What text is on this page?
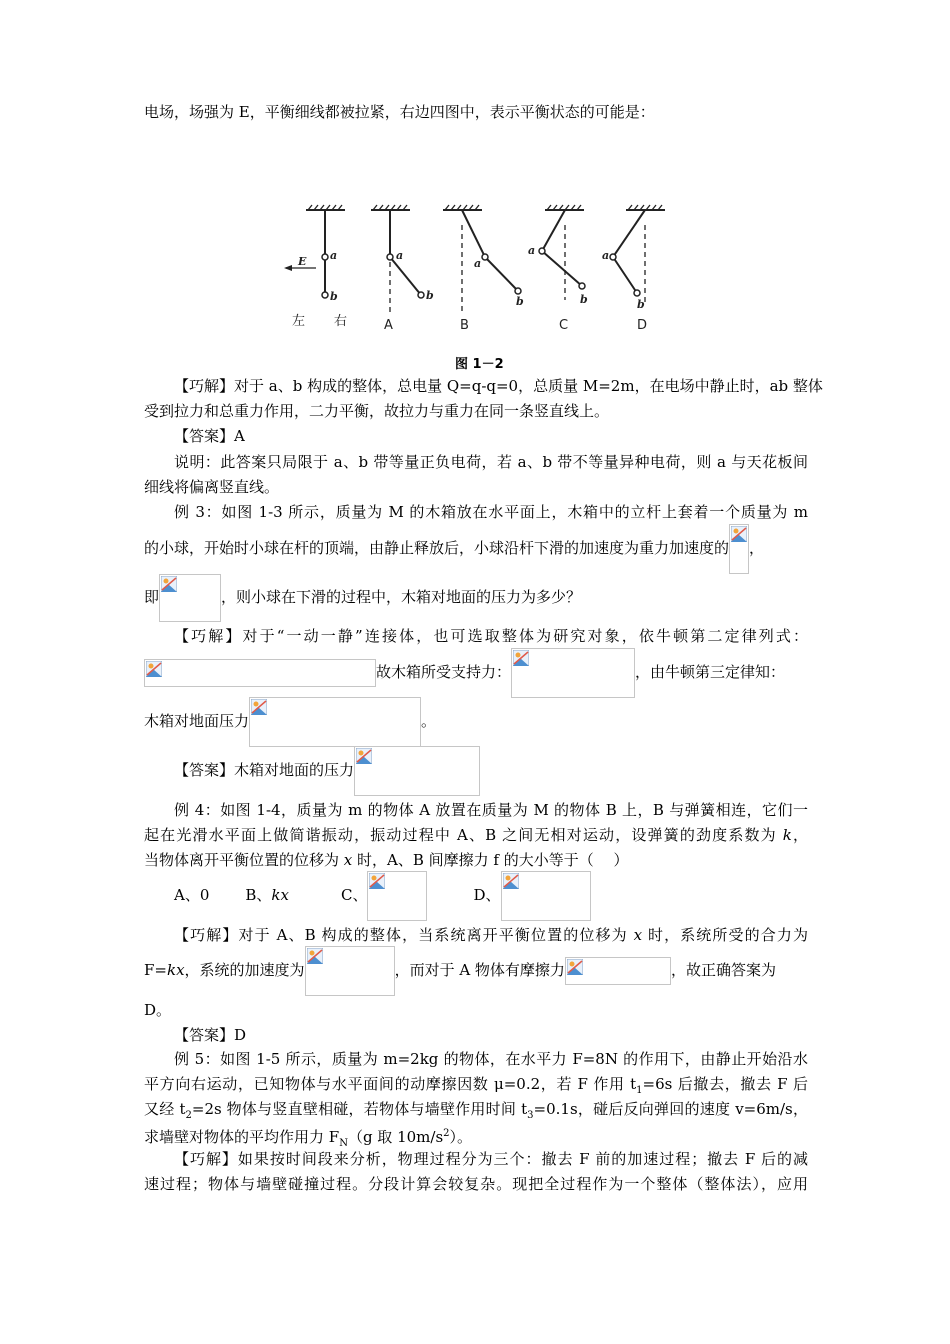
电场，场强为 E，平衡细线都被拉紧，右边四图中，表示平衡状态的可能是：
E a
b
a
b
a
b
a
b
a
b
左 右	A	B	C	D
图 1－2
【巧解】对于 a、b 构成的整体，总电量 Q=q-q=0，总质量 M=2m，在电场中静止时，ab 整体
受到拉力和总重力作用，二力平衡，故拉力与重力在同一条竖直线上。
【答案】A
说明：此答案只局限于 a、b 带等量正负电荷，若 a、b 带不等量异种电荷，则 a 与天花板间
细线将偏离竖直线。
例 3：如图 1-3 所示，质量为 M 的木箱放在水平面上，木箱中的立杆上套着一个质量为 m
的小球，开始时小球在杆的顶端，由静止释放后，小球沿杆下滑的加速度为重力加速度的 ，
即	，则小球在下滑的过程中，木箱对地面的压力为多少？
【巧解】对于“一动一静”连接体，也可选取整体为研究对象，依牛顿第二定律列式：
故木箱所受支持力：	，由牛顿第三定律知：
木箱对地面压力	。
【答案】木箱对地面的压力
例 4：如图 1-4，质量为 m 的物体 A 放置在质量为 M 的物体 B 上，B 与弹簧相连，它们一
起在光滑水平面上做简谐振动，振动过程中 A、B 之间无相对运动，设弹簧的劲度系数为 k，
当物体离开平衡位置的位移为 x 时，A、B 间摩擦力 f 的大小等于（　 ）
A、0 B、kx	C、	D、
【巧解】对于 A、B 构成的整体，当系统离开平衡位置的位移为 x 时，系统所受的合力为
F=kx，系统的加速度为	，而对于 A 物体有摩擦力	，故正确答案为
D。
【答案】D
例 5：如图 1-5 所示，质量为 m=2kg 的物体，在水平力 F=8N 的作用下，由静止开始沿水
平方向右运动，已知物体与水平面间的动摩擦因数 μ=0.2，若 F 作用 $t_1=6s$ 后撤去，撤去 F 后
又经 $t_2=2s$ 物体与竖直壁相碰，若物体与墙壁作用时间 $t_3=0.1s$，碰后反向弹回的速度 v=6m/s，
求墙壁对物体的平均作用力 $F_N(g$ 取 $10m/s^2$）。
【巧解】如果按时间段来分析，物理过程分为三个：撤去 F 前的加速过程；撤去 F 后的减
速过程；物体与墙壁碰撞过程。分段计算会较复杂。现把全过程作为一个整体（整体法），应用
